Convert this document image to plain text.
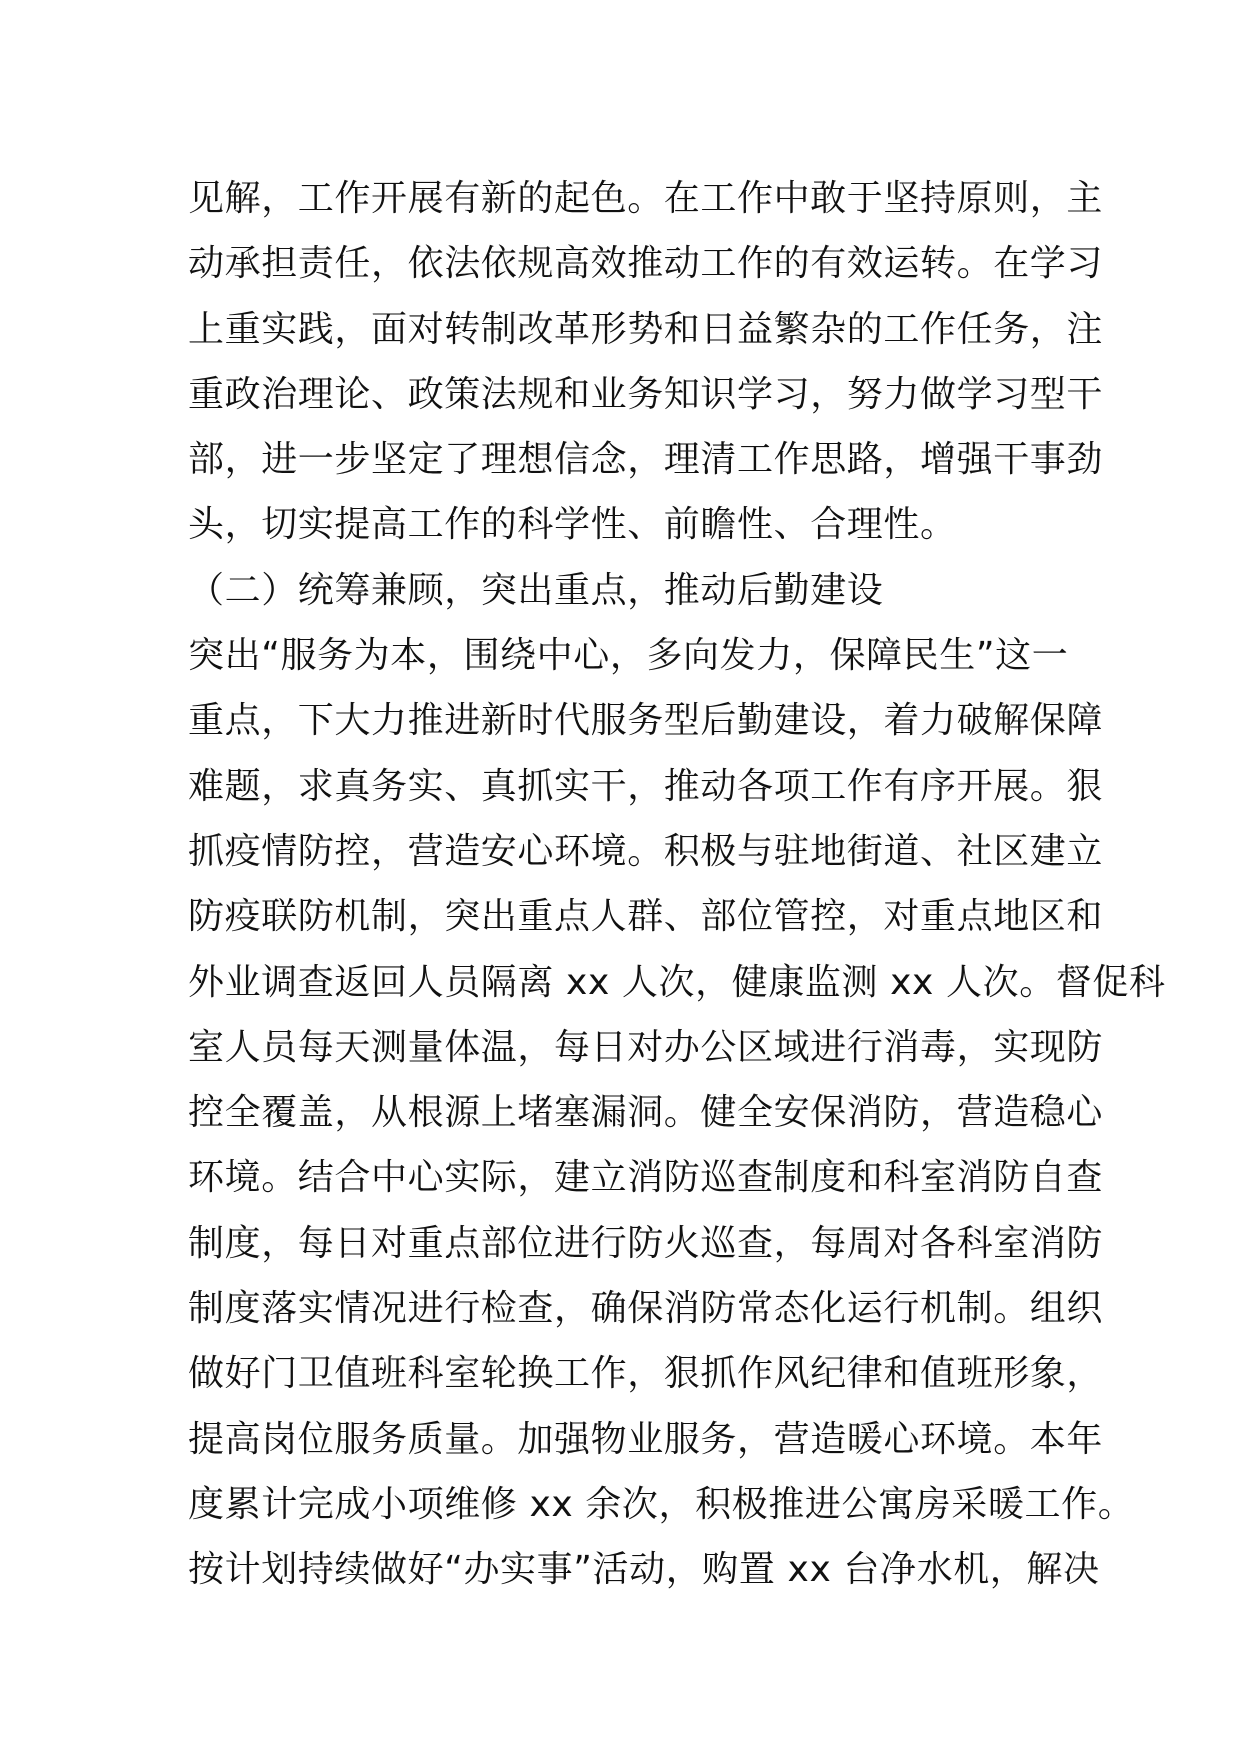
见解，工作开展有新的起色。在工作中敢于坚持原则，主
动承担责任，依法依规高效推动工作的有效运转。在学习
上重实践，面对转制改革形势和日益繁杂的工作任务，注
重政治理论、政策法规和业务知识学习，努力做学习型干
部，进一步坚定了理想信念，理清工作思路，增强干事劲
头，切实提高工作的科学性、前瞻性、合理性。
（二）统筹兼顾，突出重点，推动后勤建设
突出“服务为本，围绕中心，多向发力，保障民生”这一
重点，下大力推进新时代服务型后勤建设，着力破解保障
难题，求真务实、真抓实干，推动各项工作有序开展。狠
抓疫情防控，营造安心环境。积极与驻地街道、社区建立
防疫联防机制，突出重点人群、部位管控，对重点地区和
外业调查返回人员隔离 xx 人次，健康监测 xx 人次。督促科
室人员每天测量体温，每日对办公区域进行消毒，实现防
控全覆盖，从根源上堵塞漏洞。健全安保消防，营造稳心
环境。结合中心实际，建立消防巡查制度和科室消防自查
制度，每日对重点部位进行防火巡查，每周对各科室消防
制度落实情况进行检查，确保消防常态化运行机制。组织
做好门卫值班科室轮换工作，狠抓作风纪律和值班形象，
提高岗位服务质量。加强物业服务，营造暖心环境。本年
度累计完成小项维修 xx 余次，积极推进公寓房采暖工作。
按计划持续做好“办实事”活动，购置 xx 台净水机，解决
